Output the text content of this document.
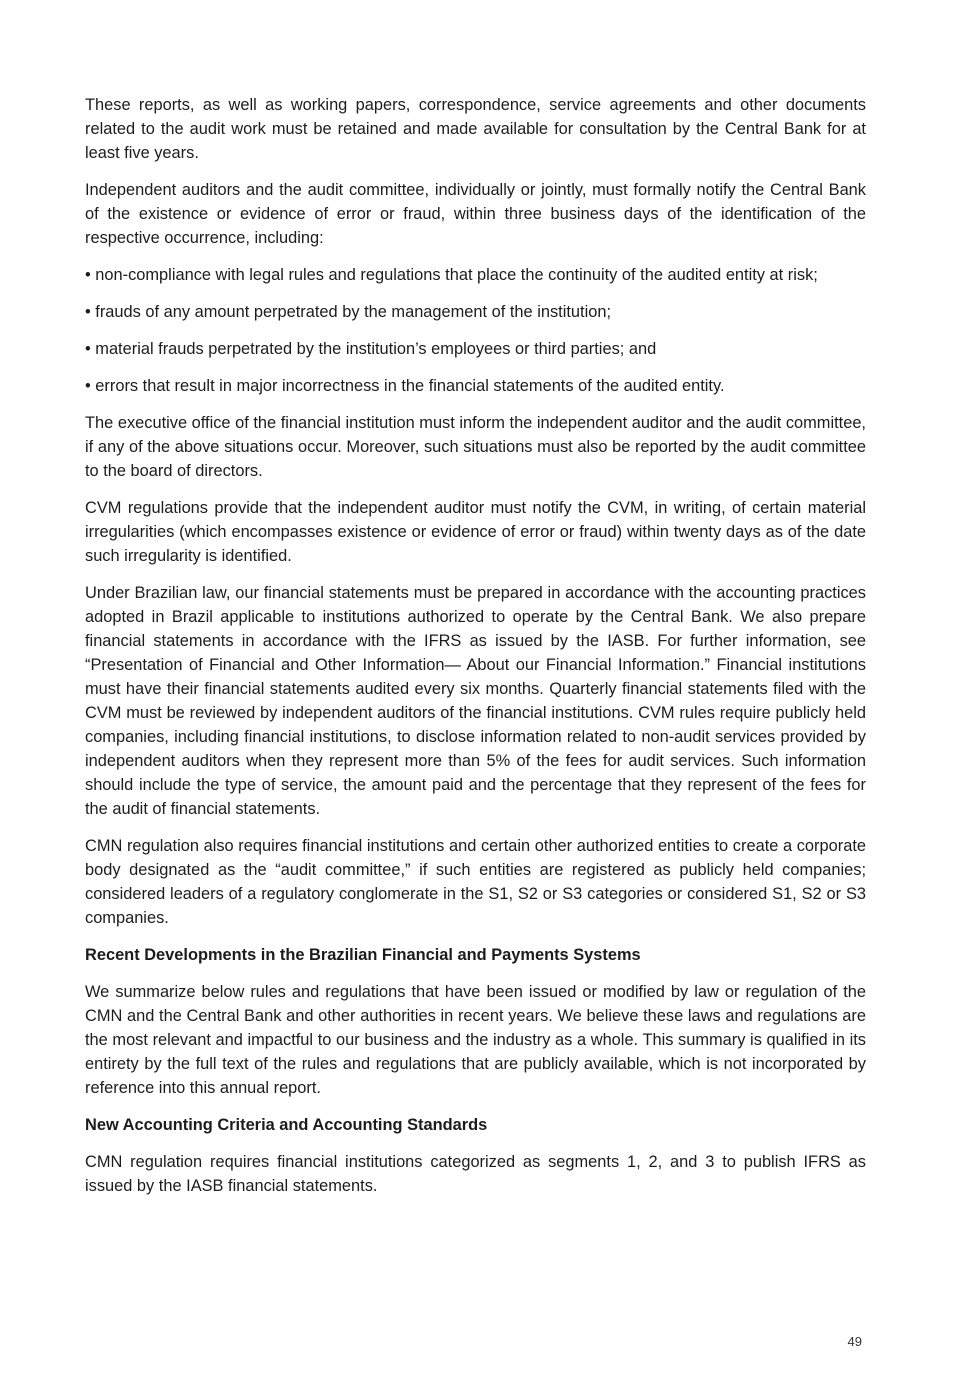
These reports, as well as working papers, correspondence, service agreements and other documents related to the audit work must be retained and made available for consultation by the Central Bank for at least five years.

Independent auditors and the audit committee, individually or jointly, must formally notify the Central Bank of the existence or evidence of error or fraud, within three business days of the identification of the respective occurrence, including:

• non-compliance with legal rules and regulations that place the continuity of the audited entity at risk;

• frauds of any amount perpetrated by the management of the institution;

• material frauds perpetrated by the institution’s employees or third parties; and

• errors that result in major incorrectness in the financial statements of the audited entity.

The executive office of the financial institution must inform the independent auditor and the audit committee, if any of the above situations occur. Moreover, such situations must also be reported by the audit committee to the board of directors.

CVM regulations provide that the independent auditor must notify the CVM, in writing, of certain material irregularities (which encompasses existence or evidence of error or fraud) within twenty days as of the date such irregularity is identified.

Under Brazilian law, our financial statements must be prepared in accordance with the accounting practices adopted in Brazil applicable to institutions authorized to operate by the Central Bank. We also prepare financial statements in accordance with the IFRS as issued by the IASB. For further information, see “Presentation of Financial and Other Information— About our Financial Information.” Financial institutions must have their financial statements audited every six months. Quarterly financial statements filed with the CVM must be reviewed by independent auditors of the financial institutions. CVM rules require publicly held companies, including financial institutions, to disclose information related to non-audit services provided by independent auditors when they represent more than 5% of the fees for audit services. Such information should include the type of service, the amount paid and the percentage that they represent of the fees for the audit of financial statements.

CMN regulation also requires financial institutions and certain other authorized entities to create a corporate body designated as the “audit committee,” if such entities are registered as publicly held companies; considered leaders of a regulatory conglomerate in the S1, S2 or S3 categories or considered S1, S2 or S3 companies.

Recent Developments in the Brazilian Financial and Payments Systems

We summarize below rules and regulations that have been issued or modified by law or regulation of the CMN and the Central Bank and other authorities in recent years. We believe these laws and regulations are the most relevant and impactful to our business and the industry as a whole. This summary is qualified in its entirety by the full text of the rules and regulations that are publicly available, which is not incorporated by reference into this annual report.

New Accounting Criteria and Accounting Standards

CMN regulation requires financial institutions categorized as segments 1, 2, and 3 to publish IFRS as issued by the IASB financial statements.

49
